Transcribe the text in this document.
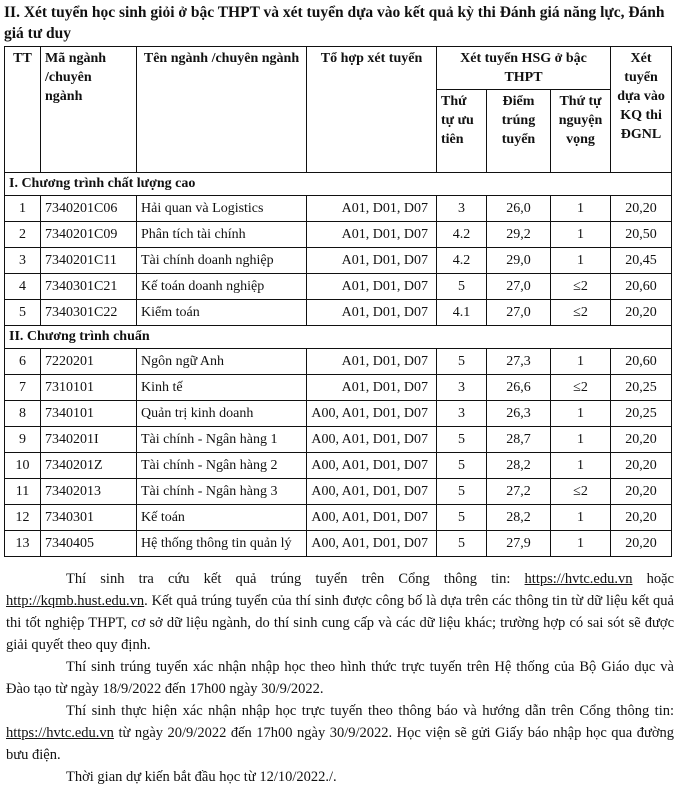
II. Xét tuyển học sinh giỏi ở bậc THPT và xét tuyển dựa vào kết quả kỳ thi Đánh giá năng lực, Đánh giá tư duy
TT	Mã ngành /chuyên ngành	Tên ngành /chuyên ngành	Tổ hợp xét tuyển	Xét tuyển HSG ở bậc THPT			Xét tuyển dựa vào KQ thi ĐGNL
				Thứ tự ưu tiên	Điểm trúng tuyển	Thứ tự nguyện vọng	
I. Chương trình chất lượng cao							
1	7340201C06	Hải quan và Logistics	A01, D01, D07	3	26,0	1	20,20
2	7340201C09	Phân tích tài chính	A01, D01, D07	4.2	29,2	1	20,50
3	7340201C11	Tài chính doanh nghiệp	A01, D01, D07	4.2	29,0	1	20,45
4	7340301C21	Kế toán doanh nghiệp	A01, D01, D07	5	27,0	≤2	20,60
5	7340301C22	Kiểm toán	A01, D01, D07	4.1	27,0	≤2	20,20
II. Chương trình chuẩn							
6	7220201	Ngôn ngữ Anh	A01, D01, D07	5	27,3	1	20,60
7	7310101	Kinh tế	A01, D01, D07	3	26,6	≤2	20,25
8	7340101	Quản trị kinh doanh	A00, A01, D01, D07	3	26,3	1	20,25
9	7340201I	Tài chính - Ngân hàng 1	A00, A01, D01, D07	5	28,7	1	20,20
10	7340201Z	Tài chính - Ngân hàng 2	A00, A01, D01, D07	5	28,2	1	20,20
11	73402013	Tài chính - Ngân hàng 3	A00, A01, D01, D07	5	27,2	≤2	20,20
12	7340301	Kế toán	A00, A01, D01, D07	5	28,2	1	20,20
13	7340405	Hệ thống thông tin quản lý	A00, A01, D01, D07	5	27,9	1	20,20

Thí sinh tra cứu kết quả trúng tuyển trên Cổng thông tin: https://hvtc.edu.vn hoặc http://kqmb.hust.edu.vn. Kết quả trúng tuyển của thí sinh được công bố là dựa trên các thông tin từ dữ liệu kết quả thi tốt nghiệp THPT, cơ sở dữ liệu ngành, do thí sinh cung cấp và các dữ liệu khác; trường hợp có sai sót sẽ được giải quyết theo quy định.

Thí sinh trúng tuyển xác nhận nhập học theo hình thức trực tuyến trên Hệ thống của Bộ Giáo dục và Đào tạo từ ngày 18/9/2022 đến 17h00 ngày 30/9/2022.

Thí sinh thực hiện xác nhận nhập học trực tuyến theo thông báo và hướng dẫn trên Cổng thông tin: https://hvtc.edu.vn từ ngày 20/9/2022 đến 17h00 ngày 30/9/2022. Học viện sẽ gửi Giấy báo nhập học qua đường bưu điện.

Thời gian dự kiến bắt đầu học từ 12/10/2022./.
